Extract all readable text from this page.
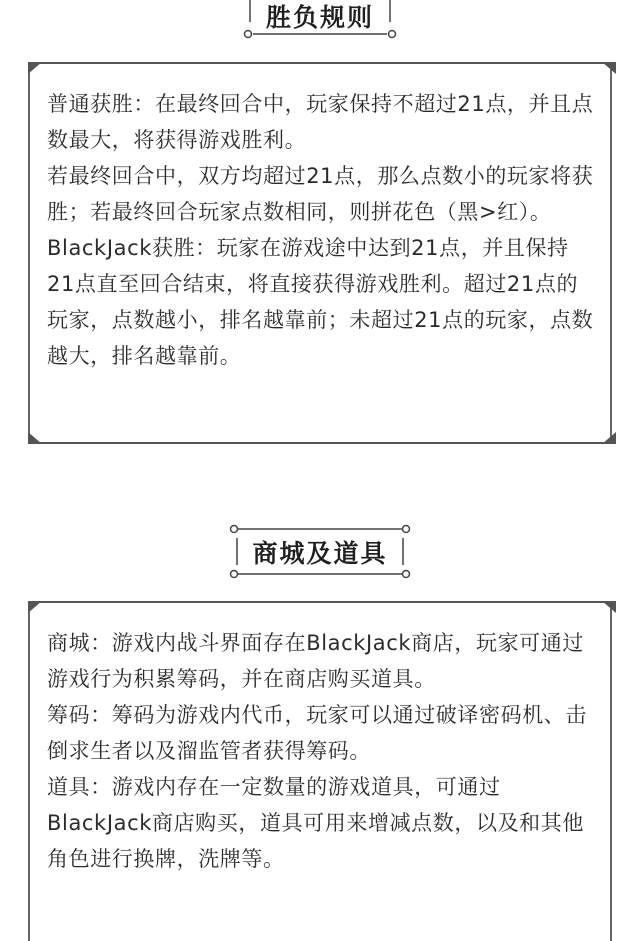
胜负规则

普通获胜：在最终回合中，玩家保持不超过21点，并且点数最大，将获得游戏胜利。

若最终回合中，双方均超过21点，那么点数小的玩家将获胜；若最终回合玩家点数相同，则拼花色（黑>红）。

BlackJack获胜：玩家在游戏途中达到21点，并且保持21点直至回合结束，将直接获得游戏胜利。超过21点的玩家，点数越小，排名越靠前；未超过21点的玩家，点数越大，排名越靠前。

商城及道具

商城：游戏内战斗界面存在BlackJack商店，玩家可通过游戏行为积累筹码，并在商店购买道具。

筹码：筹码为游戏内代币，玩家可以通过破译密码机、击倒求生者以及溜监管者获得筹码。

道具：游戏内存在一定数量的游戏道具，可通过BlackJack商店购买，道具可用来增减点数，以及和其他角色进行换牌，洗牌等。
